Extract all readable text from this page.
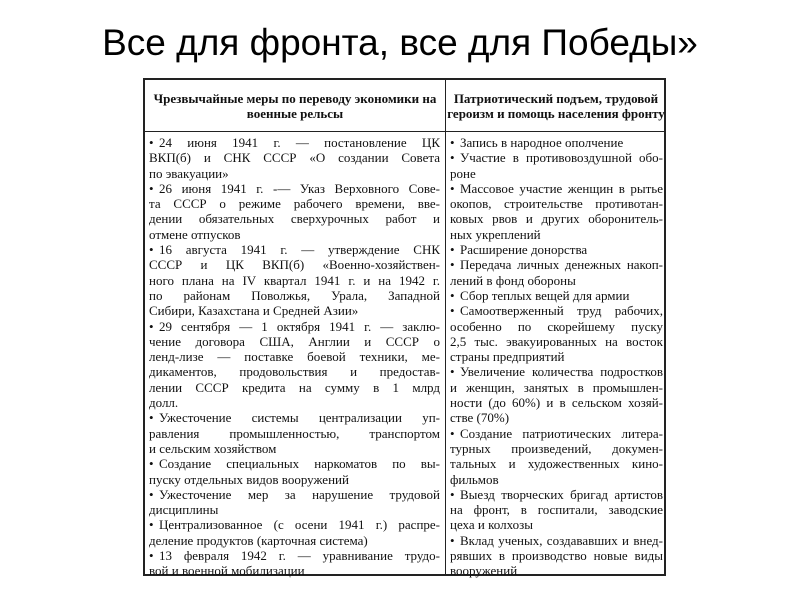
Все для фронта, все для Победы»
Чрезвычайные меры по переводу экономики на военные рельсы
Патриотический подъем, трудовой героизм и помощь населения фронту
• 24 июня 1941 г. — постановление ЦК
ВКП(б) и СНК СССР «О создании Совета
по эвакуации»
• 26 июня 1941 г. -— Указ Верховного Сове-
та СССР о режиме рабочего времени, вве-
дении обязательных сверхурочных работ и
отмене отпусков
• 16 августа 1941 г. — утверждение СНК
СССР и ЦК ВКП(б) «Военно-хозяйствен-
ного плана на IV квартал 1941 г. и на 1942 г.
по районам Поволжья, Урала, Западной
Сибири, Казахстана и Средней Азии»
• 29 сентября — 1 октября 1941 г. — заклю-
чение договора США, Англии и СССР о
ленд-лизе — поставке боевой техники, ме-
дикаментов, продовольствия и предостав-
лении СССР кредита на сумму в 1 млрд
долл.
• Ужесточение системы централизации уп-
равления промышленностью, транспортом
и сельским хозяйством
• Создание специальных наркоматов по вы-
пуску отдельных видов вооружений
• Ужесточение мер за нарушение трудовой
дисциплины
• Централизованное (с осени 1941 г.) распре-
деление продуктов (карточная система)
• 13 февраля 1942 г. — уравнивание трудо-
вой и военной мобилизации
• Запись в народное ополчение
• Участие в противовоздушной обо-
роне
• Массовое участие женщин в рытье
окопов, строительстве противотан-
ковых рвов и других оборонитель-
ных укреплений
• Расширение донорства
• Передача личных денежных накоп-
лений в фонд обороны
• Сбор теплых вещей для армии
• Самоотверженный труд рабочих,
особенно по скорейшему пуску
2,5 тыс. эвакуированных на восток
страны предприятий
• Увеличение количества подростков
и женщин, занятых в промышлен-
ности (до 60%) и в сельском хозяй-
стве (70%)
• Создание патриотических литера-
турных произведений, докумен-
тальных и художественных кино-
фильмов
• Выезд творческих бригад артистов
на фронт, в госпитали, заводские
цеха и колхозы
• Вклад ученых, создававших и внед-
рявших в производство новые виды
вооружений
